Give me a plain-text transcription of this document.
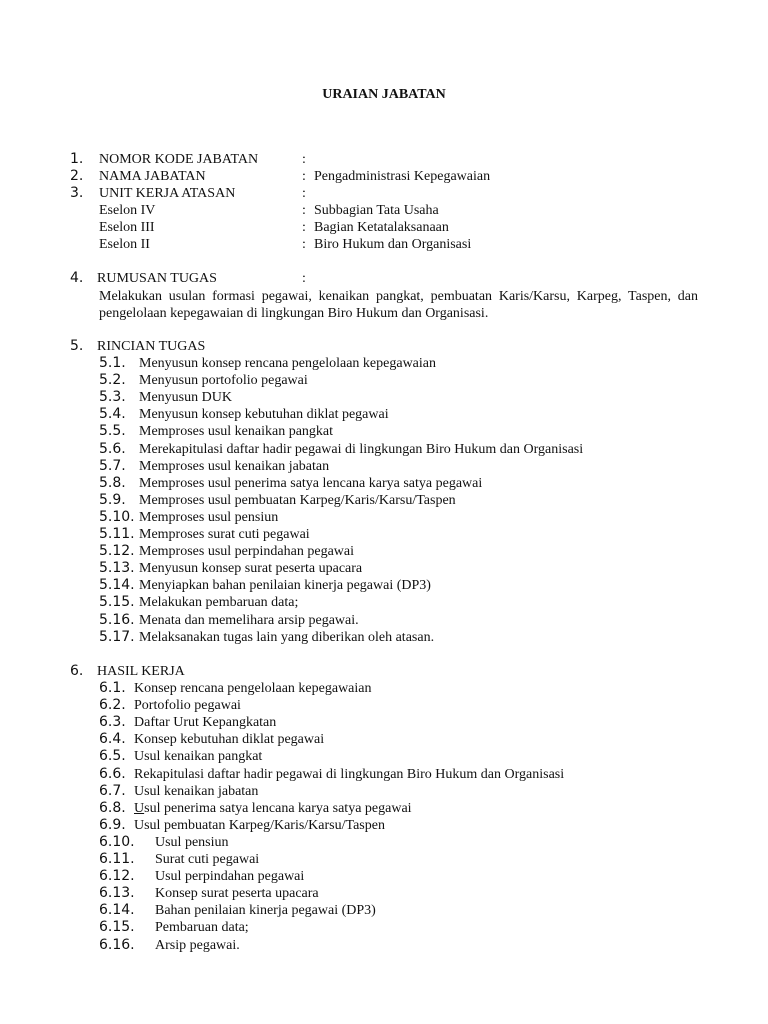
URAIAN JABATAN
1. NOMOR KODE JABATAN	:
2. NAMA JABATAN	: Pengadministrasi Kepegawaian
3. UNIT KERJA ATASAN	:
Eselon IV	: Subbagian Tata Usaha
Eselon III	: Bagian Ketatalaksanaan
Eselon II	: Biro Hukum dan Organisasi
4. RUMUSAN TUGAS	:
Melakukan usulan formasi pegawai, kenaikan pangkat, pembuatan Karis/Karsu, Karpeg, Taspen, dan pengelolaan kepegawaian di lingkungan Biro Hukum dan Organisasi.
5. RINCIAN TUGAS
5.1. Menyusun konsep rencana pengelolaan kepegawaian
5.2. Menyusun portofolio pegawai
5.3. Menyusun DUK
5.4. Menyusun konsep kebutuhan diklat pegawai
5.5. Memproses usul kenaikan pangkat
5.6. Merekapitulasi daftar hadir pegawai di lingkungan Biro Hukum dan Organisasi
5.7. Memproses usul kenaikan jabatan
5.8. Memproses usul penerima satya lencana karya satya pegawai
5.9. Memproses usul pembuatan Karpeg/Karis/Karsu/Taspen
5.10. Memproses usul pensiun
5.11. Memproses surat cuti pegawai
5.12. Memproses usul perpindahan pegawai
5.13. Menyusun konsep surat peserta upacara
5.14. Menyiapkan bahan penilaian kinerja pegawai (DP3)
5.15. Melakukan pembaruan data;
5.16. Menata dan memelihara arsip pegawai.
5.17. Melaksanakan tugas lain yang diberikan oleh atasan.
6. HASIL KERJA
6.1. Konsep rencana pengelolaan kepegawaian
6.2. Portofolio pegawai
6.3. Daftar Urut Kepangkatan
6.4. Konsep kebutuhan diklat pegawai
6.5. Usul kenaikan pangkat
6.6. Rekapitulasi daftar hadir pegawai di lingkungan Biro Hukum dan Organisasi
6.7. Usul kenaikan jabatan
6.8. Usul penerima satya lencana karya satya pegawai
6.9. Usul pembuatan Karpeg/Karis/Karsu/Taspen
6.10. Usul pensiun
6.11. Surat cuti pegawai
6.12. Usul perpindahan pegawai
6.13. Konsep surat peserta upacara
6.14. Bahan penilaian kinerja pegawai (DP3)
6.15. Pembaruan data;
6.16. Arsip pegawai.
